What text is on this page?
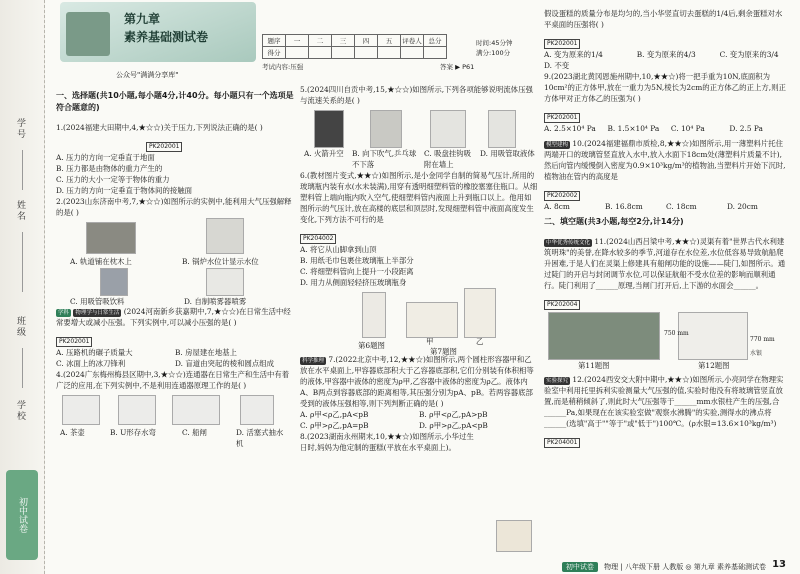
学号
姓名
班级
学校
初中试卷
第九章
素养基础测试卷	题序	一	二	三	四	五	评卷人	总分
得分							
时间:45分钟
满分:100分
考试内容:压强	答案 ▶ P61
公众号"满满分享库"

一、选择题(共10小题,每小题4分,计40分。每小题只有一个选项是符合题意的)

1.(2024福建大田期中,4,★☆☆)关于压力,下列说法正确的是( )

PK202001
A. 压力的方向一定垂直于地面
B. 压力都是由物体的重力产生的
C. 压力的大小一定等于物体的重力
D. 压力的方向一定垂直于物体间的接触面

2.(2023山东济南中考,7,★☆☆)如图所示的实例中,能利用大气压强解释的是( )

A. 轨道铺在枕木上	B. 锅炉水位计显示水位
C. 用吸管吸饮料	D. 自制喷雾器喷雾

学科 物理学与日常生活 (2024河南新乡获嘉期中,7,★☆☆)在日常生活中经常要增大或减小压强。下列实例中,可以减小压强的是( )

PK202001
A. 压路机的碾子质量大	B. 房屋建在地基上
C. 冰面上的冰刀锋利	D. 盲道由突起的棱和圆点组成

4.(2024广东梅州梅县区期中,3,★☆☆)连通器在日常生产和生活中有着广泛的应用,在下列实例中,不是利用连通器原理工作的是( )

A. 茶壶	B. U形存水弯	C. 船闸	D. 活塞式抽水机

5.(2024四川自贡中考,15,★☆☆)如图所示,下列各项能够说明流体压强与流速关系的是( )

A. 火箭升空 B. 向下吹气,乒乓球不下落
C. 吸盘挂钩吸附在墙上
D. 用吸管取液体

6.(教材图片变式,★★☆)如图所示,是小金同学自制的简易气压计,所用的玻璃瓶内装有水(水未装满),用穿有透明细塑料管的橡胶塞塞住瓶口。从细塑料管上端向瓶内吹入空气,使细塑料管内液面上升到瓶口以上。他用如图所示的气压计,放在高楼的底层和顶层时,发现细塑料管中液面高度发生变化,下列方法不可行的是

PK204002
A. 将它从山脚拿到山顶
B. 用纸毛巾包裹住玻璃瓶上半部分
C. 将细塑料管向上提升一小段距离
D. 用力从侧面轻轻挤压玻璃瓶身
第6题图	甲	乙
第7题图

科学推理 7.(2022北京中考,12,★★☆)如图所示,两个圆柱形容器甲和乙放在水平桌面上,甲容器底部积大于乙容器底部积,它们分别装有体积相等的液体,甲容器中液体的密度为ρ甲,乙容器中液体的密度为ρ乙。液体内A、B两点到容器底部的距离相等,其压强分别为pA、pB。若两容器底部受到的液体压强相等,则下列判断正确的是( )

A. ρ甲<ρ乙,pA<pB	B. ρ甲<ρ乙,pA>pB
C. ρ甲>ρ乙,pA=pB	D. ρ甲>ρ乙,pA<pB

8.(2023湖南永州期末,10,★★☆)如图所示,小华过生日时,妈妈为他定制的蛋糕(平放在水平桌面上)。

假设蛋糕的质量分布是均匀的,当小华竖直切去蛋糕的1/4后,剩余蛋糕对水平桌面的压强将( )

PK202001
A. 变为原来的1/4	B. 变为原来的4/3	C. 变为原来的3/4
D. 不变

9.(2023湖北黄冈恩施州期中,10,★★☆)将一把手重为10N,底面积为10cm²的正方体甲,放在一重力为5N,棱长为2cm的正方体乙的正上方,则正方体甲对正方体乙的压强为( )

PK202001
A. 2.5×10⁴ Pa	B. 1.5×10⁴ Pa	C. 10⁴ Pa	D. 2.5 Pa

模型建构 10.(2024福建福鼎市质检,8,★★☆)如图所示,用一薄塑料片托住两端开口的玻璃管竖直放入水中,放入水面下18cm处(薄塑料片质量不计),然后向管内缓慢倒入密度为0.9×10³kg/m³的植物油,当塑料片开始下沉时,植物油在管内的高度是

PK202002
A. 8cm	B. 16.8cm	C. 18cm	D. 20cm

二、填空题(共3小题,每空2分,计14分)

中华优秀传统文化 11.(2024山西吕梁中考,★★☆)灵渠有着"世界古代水利建筑明珠"的美誉,在降水较多的季节,河道存在水位差,水位低容易导致航船爬升困难,于是人们在灵渠上修建具有船闸功能的设施——陡门,如图所示。通过陡门的开启与封闭调节水位,可以保证航船不受水位差的影响而顺利通行。陡门利用了______原理,当闸门打开后,上下游的水面会______。

PK202004
第11题图
750 mm
770 mm
水银
第12题图

实验探究 12.(2024西安交大附中期中,★★☆)如图所示,小亮同学在物理实验室中利用托里拆利实验测量大气压强的值,实验时他没有将玻璃管竖直放置,而是稍稍倾斜了,则此时大气压强等于______mm水银柱产生的压强,合______Pa,如果现在在该实验室做"观察水沸腾"的实验,测得水的沸点将______(选填"高于""等于"或"低于")100℃。(ρ水银=13.6×10³kg/m³)

PK204001
初中试卷 物理 | 八年级下册 人教版 ◎ 第九章 素养基础测试卷 13
